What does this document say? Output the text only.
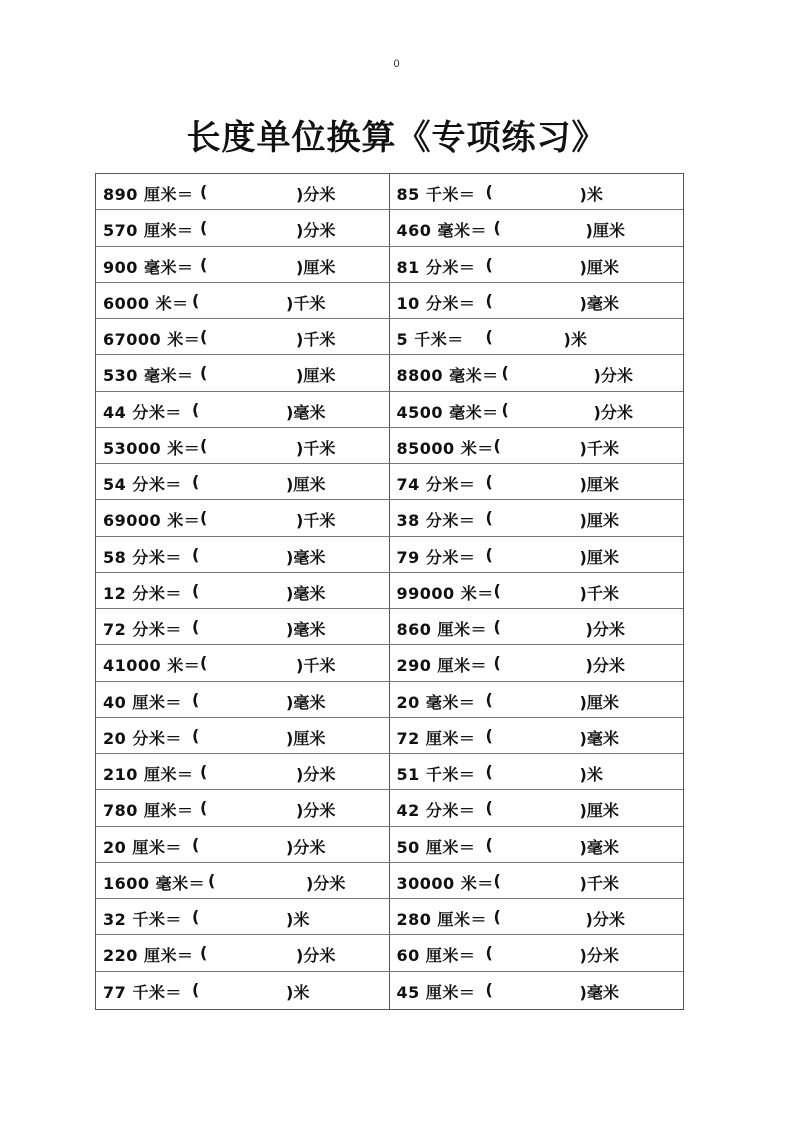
0
长度单位换算《专项练习》
890 厘米＝ (	)分米	85 千米＝ (	)米
570 厘米＝ (	)分米	460 毫米＝ (	)厘米
900 毫米＝ (	)厘米	81 分米＝ (	)厘米
6000 米＝ (	)千米	10 分米＝ (	)毫米
67000 米＝ (	)千米	5 千米＝ (	)米
530 毫米＝ (	)厘米	8800 毫米＝ (	)分米
44 分米＝ (	)毫米	4500 毫米＝ (	)分米
53000 米＝ (	)千米	85000 米＝ (	)千米
54 分米＝ (	)厘米	74 分米＝ (	)厘米
69000 米＝ (	)千米	38 分米＝ (	)厘米
58 分米＝ (	)毫米	79 分米＝ (	)厘米
12 分米＝ (	)毫米	99000 米＝ (	)千米
72 分米＝ (	)毫米	860 厘米＝ (	)分米
41000 米＝ (	)千米	290 厘米＝ (	)分米
40 厘米＝ (	)毫米	20 毫米＝ (	)厘米
20 分米＝ (	)厘米	72 厘米＝ (	)毫米
210 厘米＝ (	)分米	51 千米＝ (	)米
780 厘米＝ (	)分米	42 分米＝ (	)厘米
20 厘米＝ (	)分米	50 厘米＝ (	)毫米
1600 毫米＝ (	)分米	30000 米＝ (	)千米
32 千米＝ (	)米	280 厘米＝ (	)分米
220 厘米＝ (	)分米	60 厘米＝ (	)分米
77 千米＝ (	)米	45 厘米＝ (	)毫米
